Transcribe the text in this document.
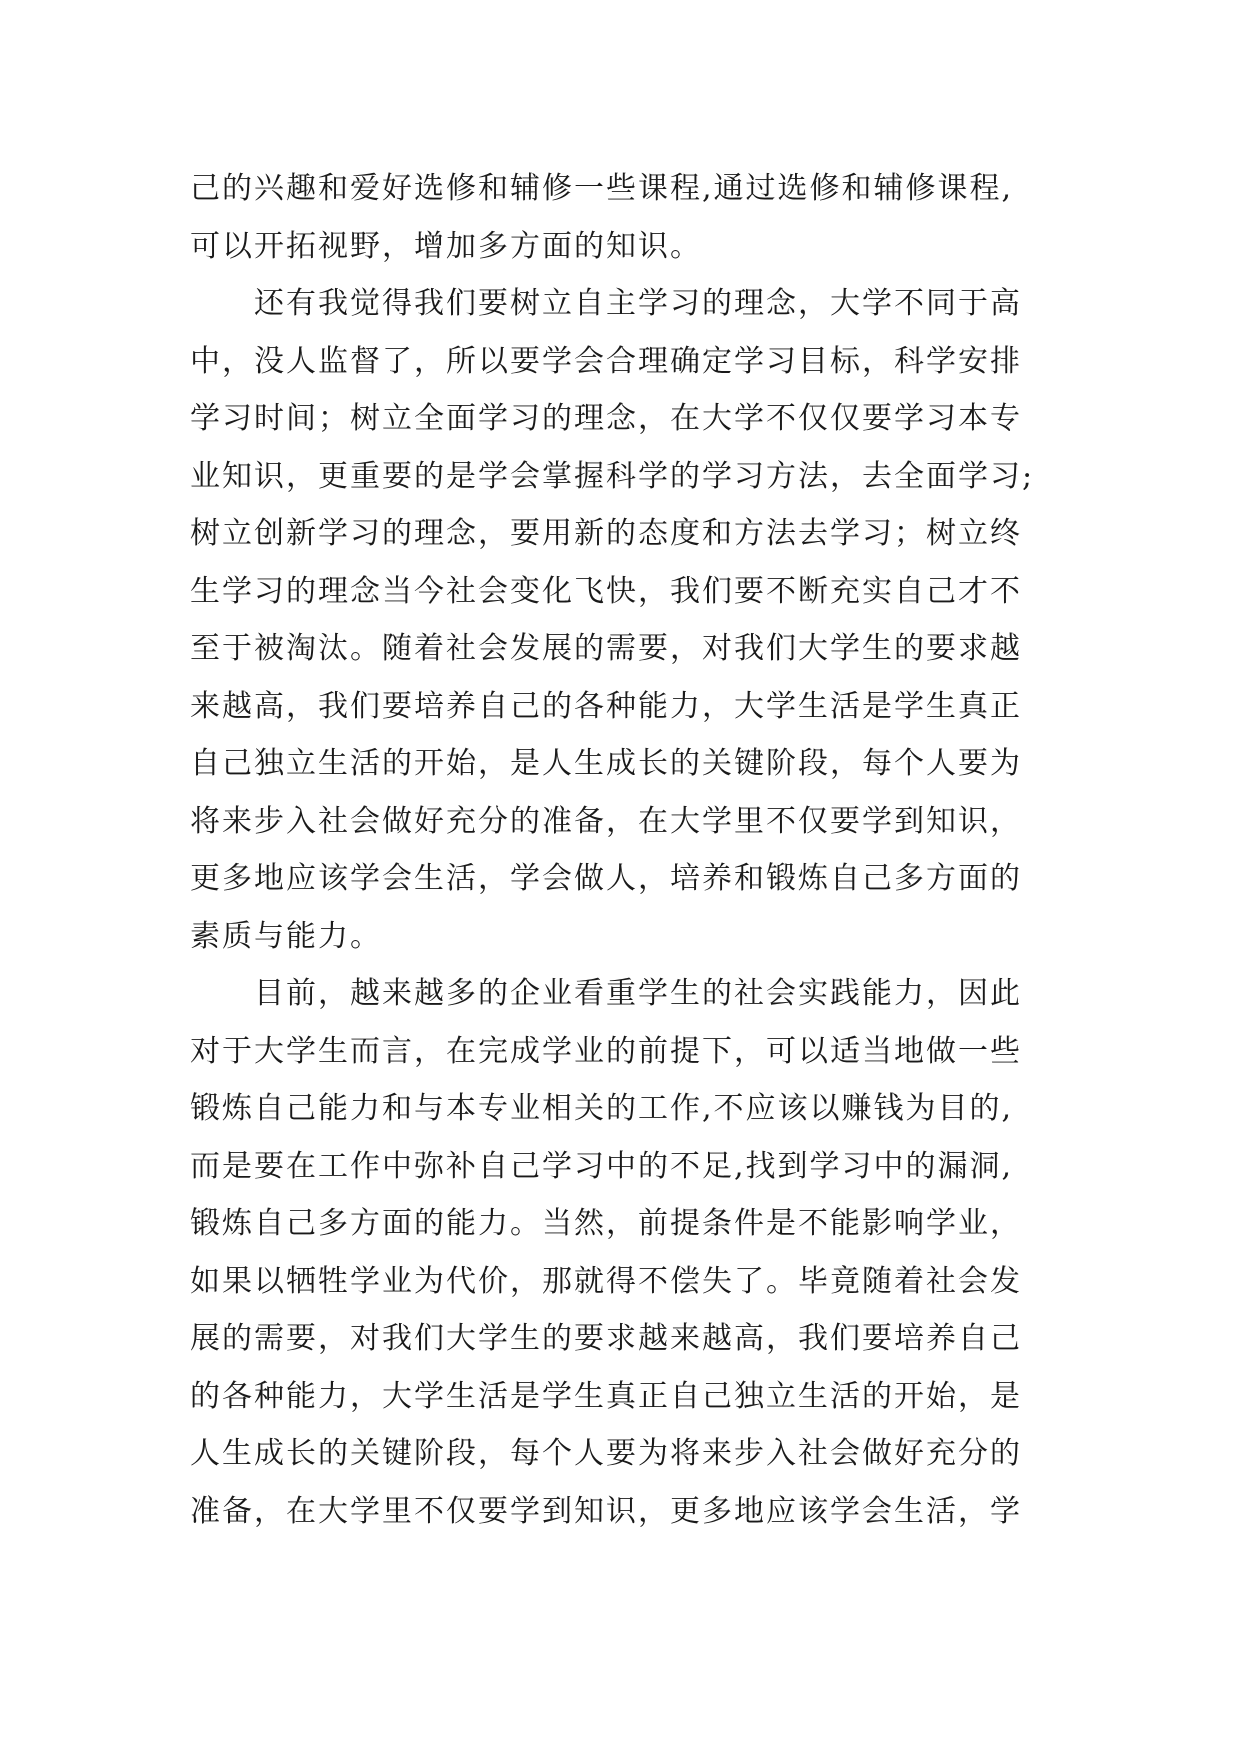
己的兴趣和爱好选修和辅修一些课程,通过选修和辅修课程,
可以开拓视野，增加多方面的知识。
还有我觉得我们要树立自主学习的理念，大学不同于高
中，没人监督了，所以要学会合理确定学习目标，科学安排
学习时间；树立全面学习的理念，在大学不仅仅要学习本专
业知识，更重要的是学会掌握科学的学习方法，去全面学习;
树立创新学习的理念，要用新的态度和方法去学习；树立终
生学习的理念当今社会变化飞快，我们要不断充实自己才不
至于被淘汰。随着社会发展的需要，对我们大学生的要求越
来越高，我们要培养自己的各种能力，大学生活是学生真正
自己独立生活的开始，是人生成长的关键阶段，每个人要为
将来步入社会做好充分的准备，在大学里不仅要学到知识，
更多地应该学会生活，学会做人，培养和锻炼自己多方面的
素质与能力。
目前，越来越多的企业看重学生的社会实践能力，因此
对于大学生而言，在完成学业的前提下，可以适当地做一些
锻炼自己能力和与本专业相关的工作,不应该以赚钱为目的,
而是要在工作中弥补自己学习中的不足,找到学习中的漏洞,
锻炼自己多方面的能力。当然，前提条件是不能影响学业，
如果以牺牲学业为代价，那就得不偿失了。毕竟随着社会发
展的需要，对我们大学生的要求越来越高，我们要培养自己
的各种能力，大学生活是学生真正自己独立生活的开始，是
人生成长的关键阶段，每个人要为将来步入社会做好充分的
准备，在大学里不仅要学到知识，更多地应该学会生活，学
